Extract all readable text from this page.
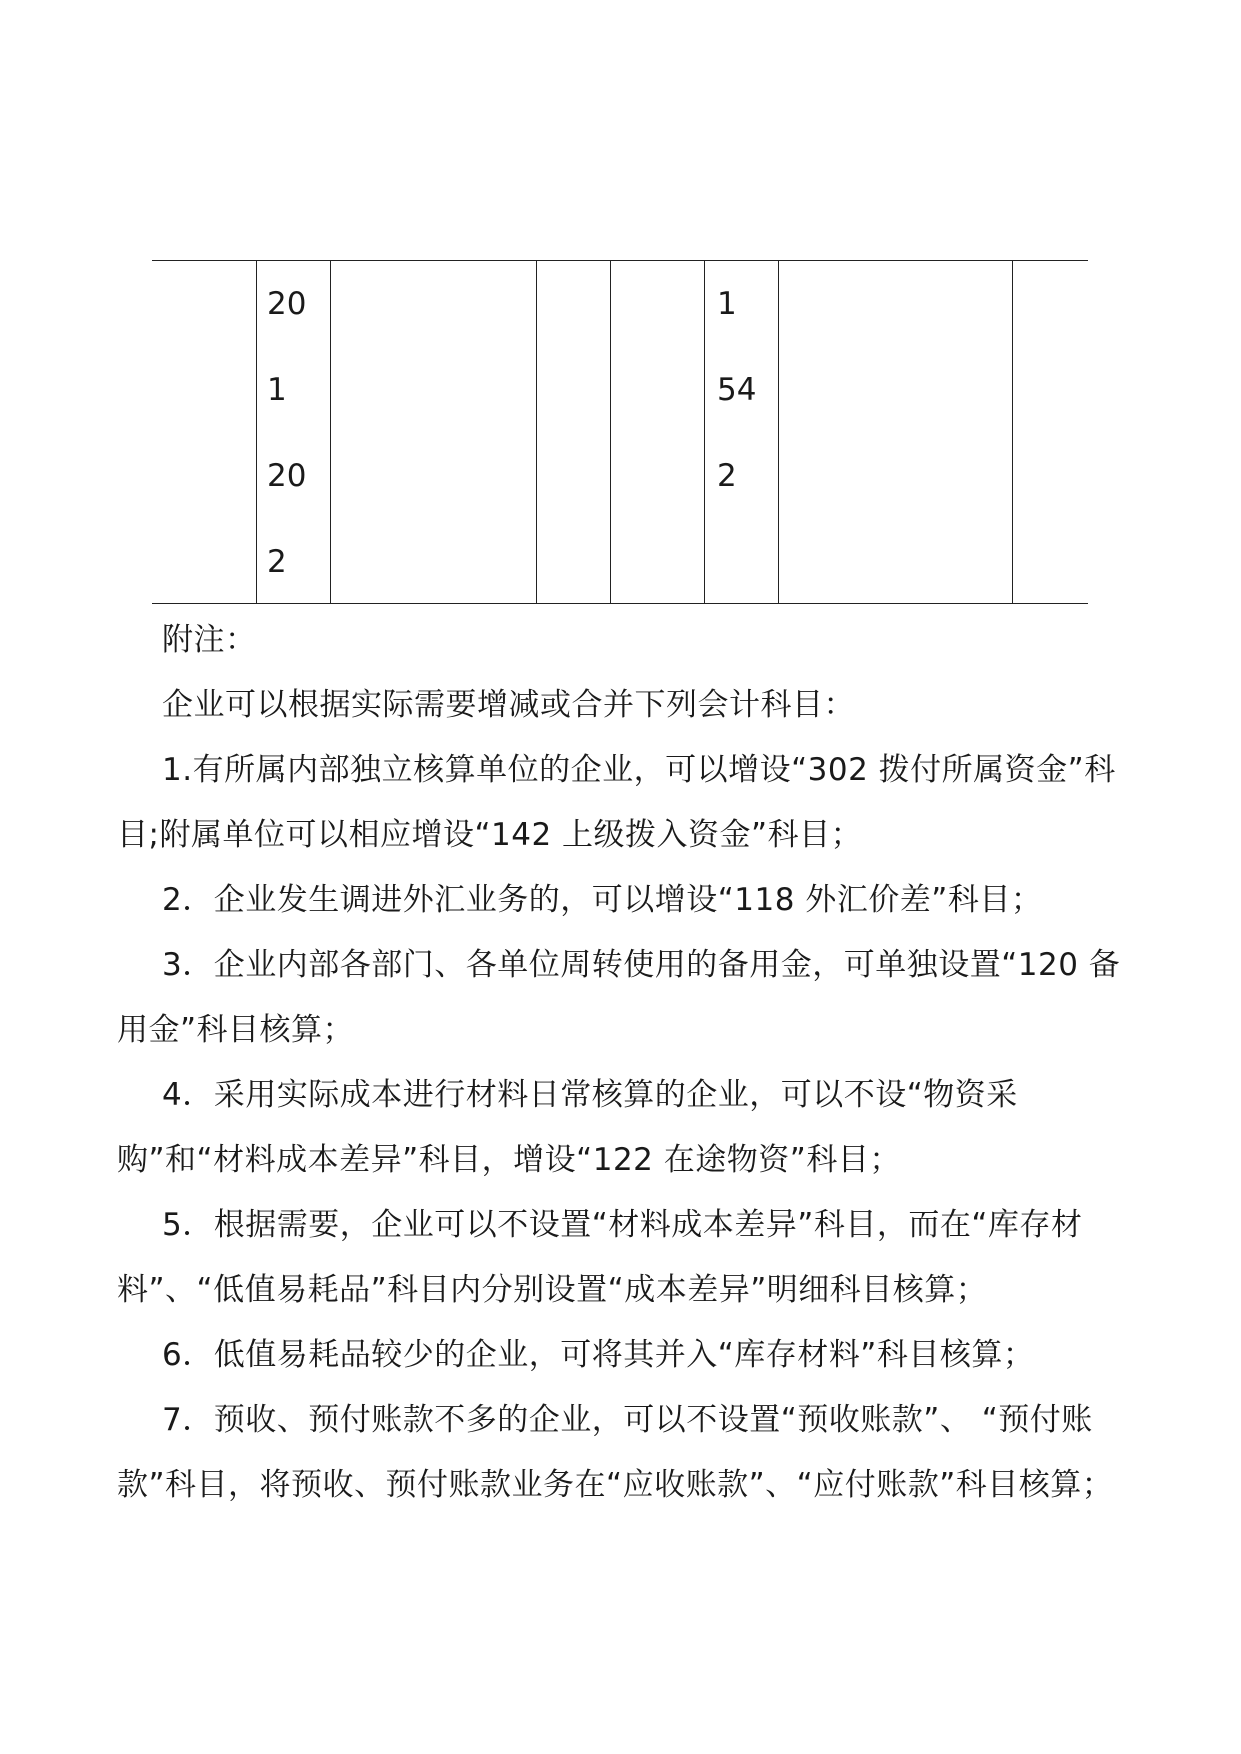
20
1
20
2
1
54
2

附注：

企业可以根据实际需要增减或合并下列会计科目：

1.有所属内部独立核算单位的企业，可以增设“302 拨付所属资金”科目;附属单位可以相应增设“142 上级拨入资金”科目；

2．企业发生调进外汇业务的，可以增设“118 外汇价差”科目；

3．企业内部各部门、各单位周转使用的备用金，可单独设置“120 备用金”科目核算；

4．采用实际成本进行材料日常核算的企业，可以不设“物资采购”和“材料成本差异”科目，增设“122 在途物资”科目；

5．根据需要，企业可以不设置“材料成本差异”科目，而在“库存材料”、“低值易耗品”科目内分别设置“成本差异”明细科目核算；

6．低值易耗品较少的企业，可将其并入“库存材料”科目核算；

7．预收、预付账款不多的企业，可以不设置“预收账款”、 “预付账款”科目，将预收、预付账款业务在“应收账款”、“应付账款”科目核算；
